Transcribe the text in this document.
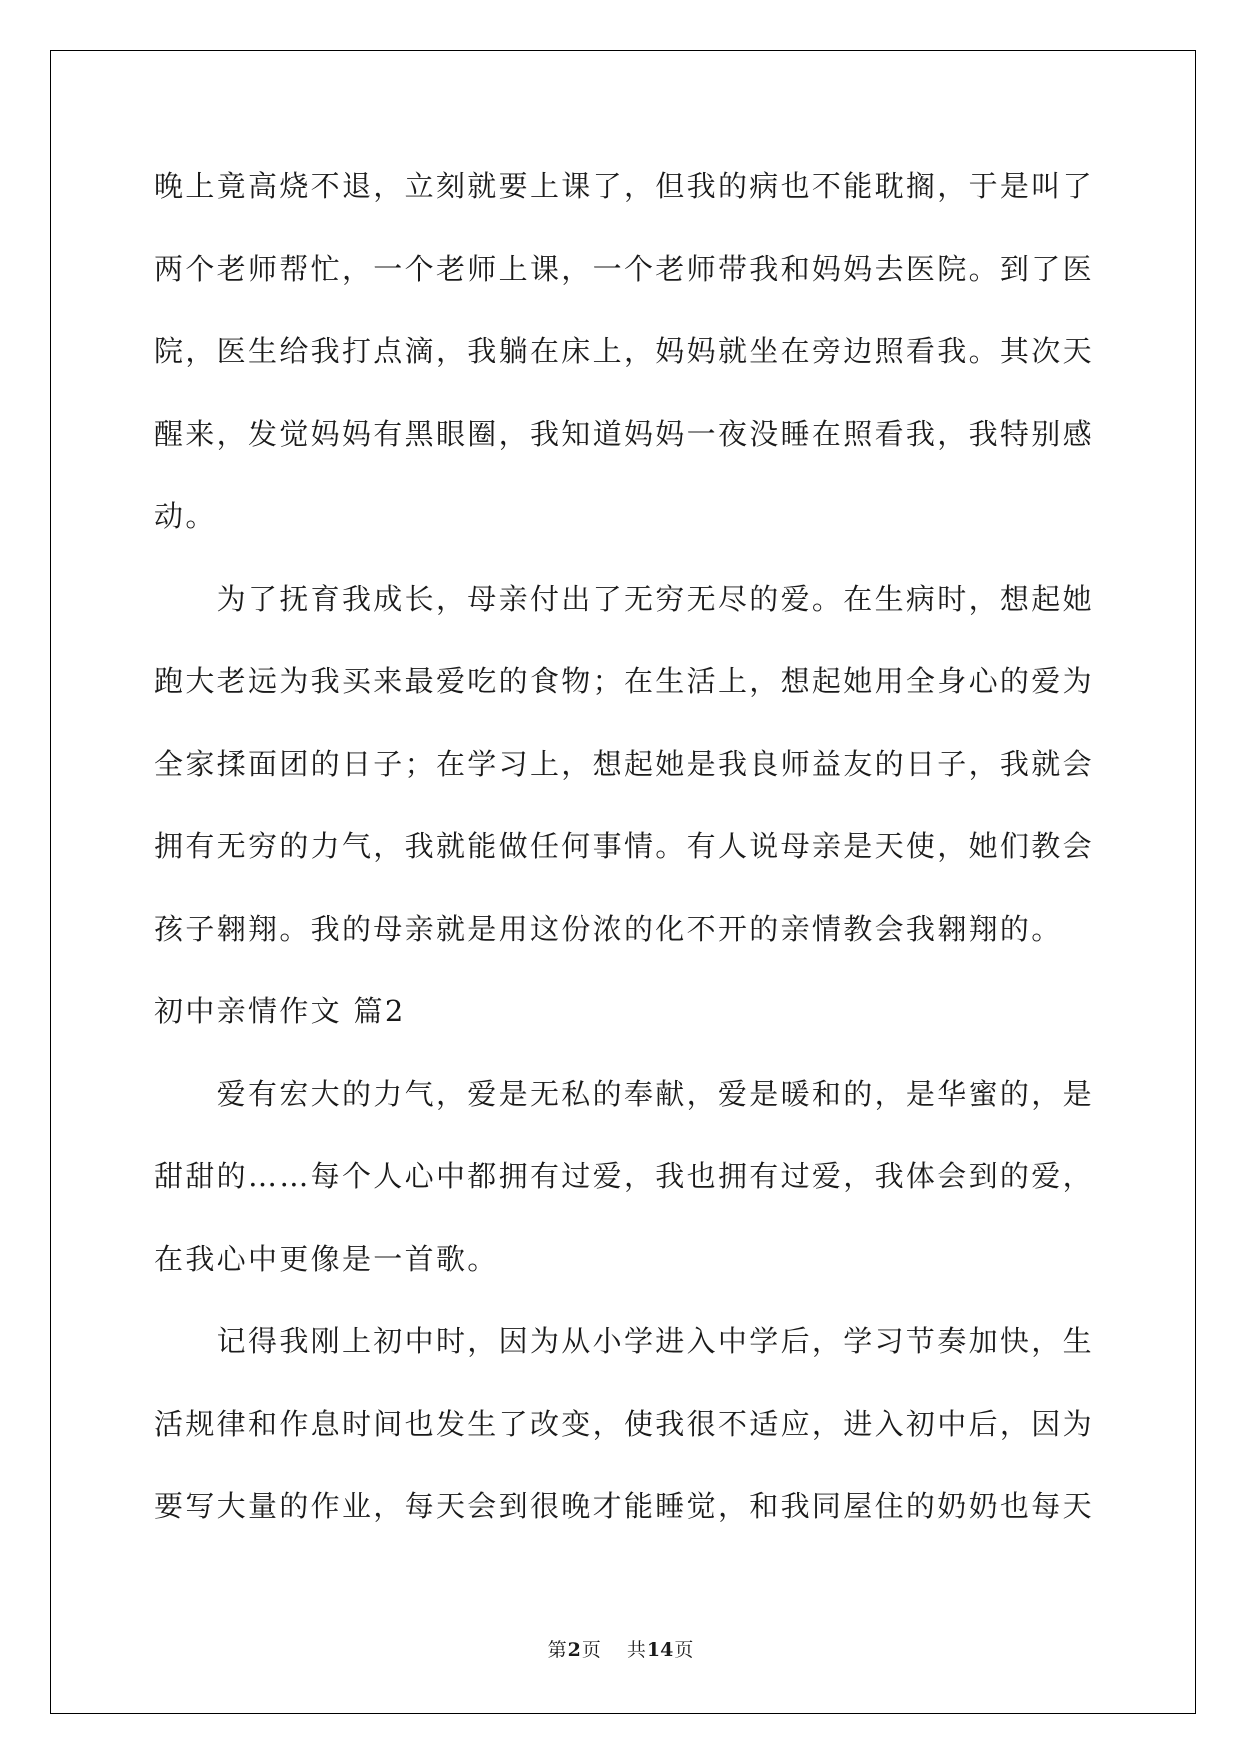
晚上竟高烧不退，立刻就要上课了，但我的病也不能耽搁，于是叫了
两个老师帮忙，一个老师上课，一个老师带我和妈妈去医院。到了医
院，医生给我打点滴，我躺在床上，妈妈就坐在旁边照看我。其次天
醒来，发觉妈妈有黑眼圈，我知道妈妈一夜没睡在照看我，我特别感
动。
为了抚育我成长，母亲付出了无穷无尽的爱。在生病时，想起她
跑大老远为我买来最爱吃的食物；在生活上，想起她用全身心的爱为
全家揉面团的日子；在学习上，想起她是我良师益友的日子，我就会
拥有无穷的力气，我就能做任何事情。有人说母亲是天使，她们教会
孩子翱翔。我的母亲就是用这份浓的化不开的亲情教会我翱翔的。
初中亲情作文 篇2
爱有宏大的力气，爱是无私的奉献，爱是暖和的，是华蜜的，是
甜甜的……每个人心中都拥有过爱，我也拥有过爱，我体会到的爱，
在我心中更像是一首歌。
记得我刚上初中时，因为从小学进入中学后，学习节奏加快，生
活规律和作息时间也发生了改变，使我很不适应，进入初中后，因为
要写大量的作业，每天会到很晚才能睡觉，和我同屋住的奶奶也每天
第2页 共14页
